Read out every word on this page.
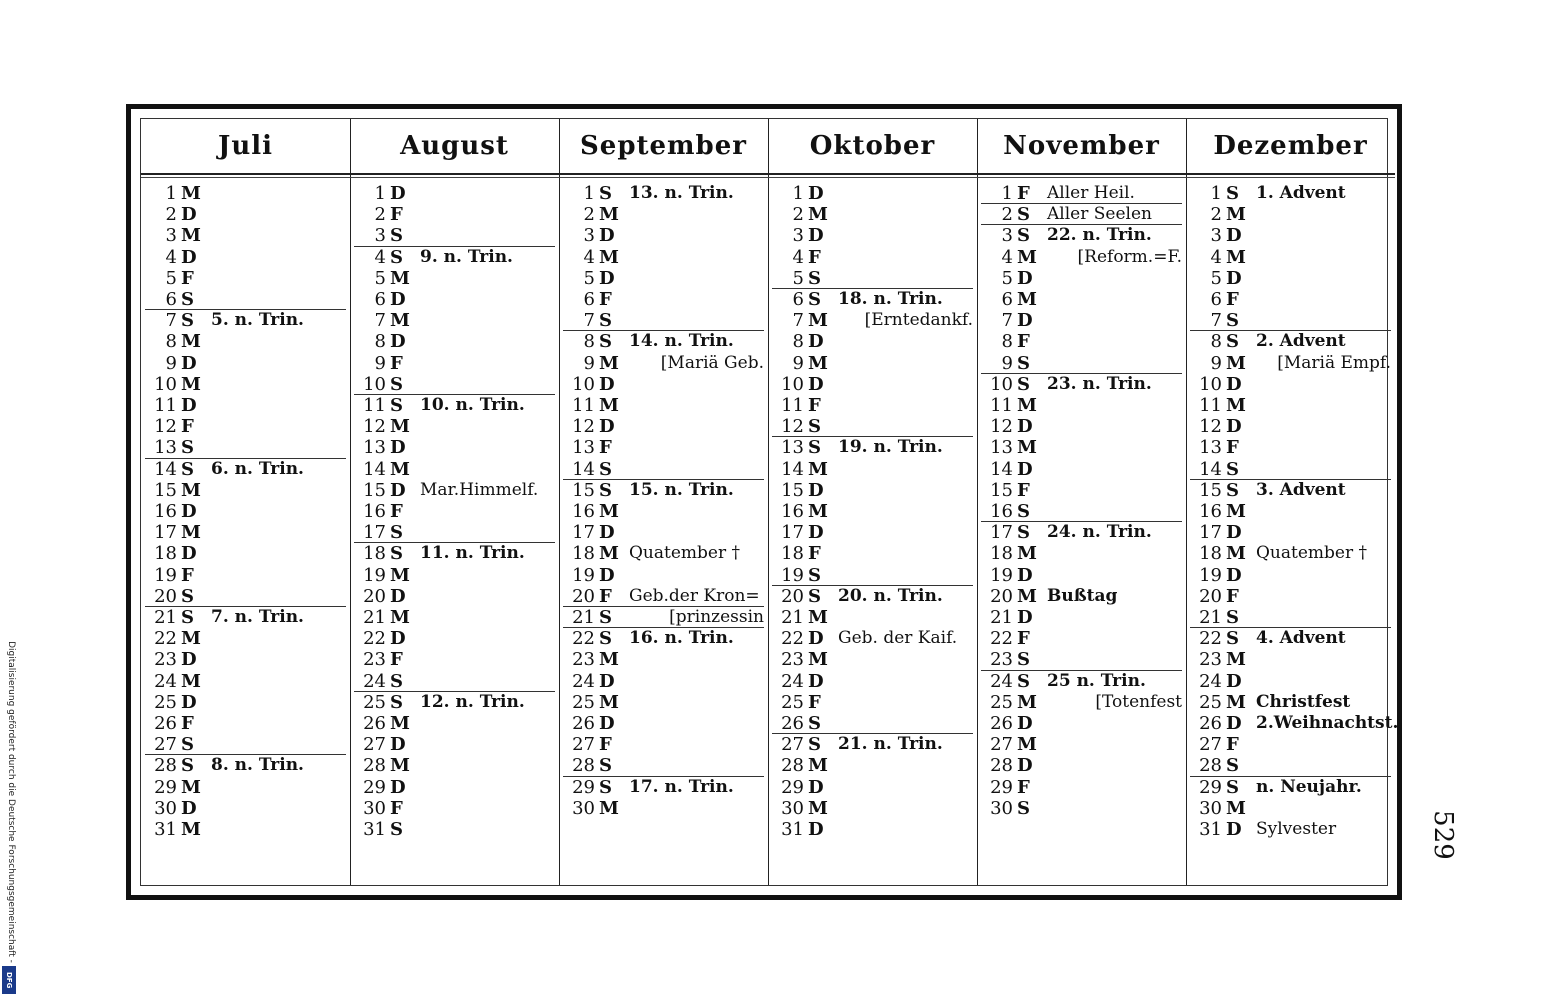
Juli
1 M
2 D
3 M
4 D
5 F
6 S
7 S	5. n. Trin.
8 M
9 D
10 M
11 D
12 F
13 S
14 S	6. n. Trin.
15 M
16 D
17 M
18 D
19 F
20 S
21 S	7. n. Trin.
22 M
23 D
24 M
25 D
26 F
27 S
28 S	8. n. Trin.
29 M
30 D
31 M
August
1 D
2 F
3 S
4 S	9. n. Trin.
5 M
6 D
7 M
8 D
9 F
10 S
11 S	10. n. Trin.
12 M
13 D
14 M
15 D Mar.Himmelf.
16 F
17 S
18 S	11. n. Trin.
19 M
20 D
21 M
22 D
23 F
24 S
25 S	12. n. Trin.
26 M
27 D
28 M
29 D
30 F
31 S
September
1 S	13. n. Trin.
2 M
3 D
4 M
5 D
6 F
7 S
8 S	14. n. Trin.
9 M [Mariä Geb.
10 D
11 M
12 D
13 F
14 S
15 S	15. n. Trin.
16 M
17 D
18 M Quatember †
19 D
20 F	Geb.der Kron=
21 S	[prinzessin
22 S	16. n. Trin.
23 M
24 D
25 M
26 D
27 F
28 S
29 S	17. n. Trin.
30 M
Oktober
1 D
2 M
3 D
4 F
5 S
6 S	18. n. Trin.
7 M [Erntedankf.
8 D
9 M
10 D
11 F
12 S
13 S	19. n. Trin.
14 M
15 D
16 M
17 D
18 F
19 S
20 S	20. n. Trin.
21 M
22 D Geb. der Kaif.
23 M
24 D
25 F
26 S
27 S	21. n. Trin.
28 M
29 D
30 M
31 D
November
1 F	Aller Heil.
2 S	Aller Seelen
3 S	22. n. Trin.
4 M [Reform.=F.
5 D
6 M
7 D
8 F
9 S
10 S	23. n. Trin.
11 M
12 D
13 M
14 D
15 F
16 S
17 S	24. n. Trin.
18 M
19 D
20 M Bußtag
21 D
22 F
23 S
24 S	25 n. Trin.
25 M	[Totenfest
26 D
27 M
28 D
29 F
30 S
Dezember
1 S	1. Advent
2 M
3 D
4 M
5 D
6 F
7 S
8 S	2. Advent
9 M [Mariä Empf.
10 D
11 M
12 D
13 F
14 S
15 S	3. Advent
16 M
17 D
18 M Quatember †
19 D
20 F
21 S
22 S	4. Advent
23 M
24 D
25 M Christfest
26 D 2.Weihnachtst.
27 F
28 S
29 S	n. Neujahr.
30 M
31 D Sylvester
Digitalisierung gefördert durch die Deutsche Forschungsgemeinschaft -
DFG
529
